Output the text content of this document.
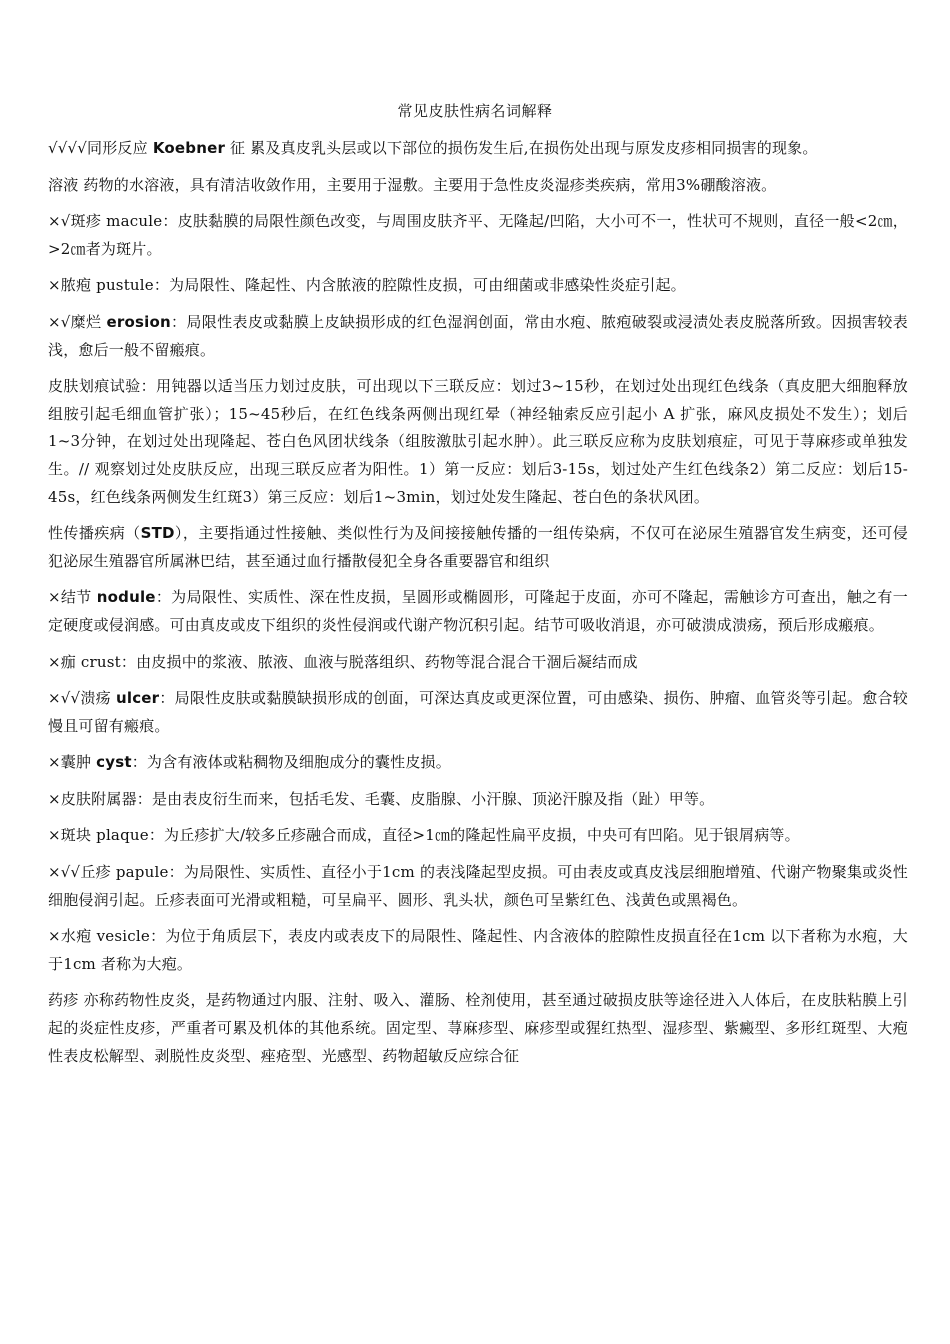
常见皮肤性病名词解释

√√√√同形反应 Koebner 征 累及真皮乳头层或以下部位的损伤发生后,在损伤处出现与原发皮疹相同损害的现象。

溶液 药物的水溶液，具有清洁收敛作用，主要用于湿敷。主要用于急性皮炎湿疹类疾病，常用3%硼酸溶液。

×√斑疹 macule：皮肤黏膜的局限性颜色改变，与周围皮肤齐平、无隆起/凹陷，大小可不一，性状可不规则，直径一般<2㎝，>2㎝者为斑片。

×脓疱 pustule：为局限性、隆起性、内含脓液的腔隙性皮损，可由细菌或非感染性炎症引起。

×√糜烂 erosion：局限性表皮或黏膜上皮缺损形成的红色湿润创面，常由水疱、脓疱破裂或浸渍处表皮脱落所致。因损害较表浅，愈后一般不留瘢痕。

皮肤划痕试验：用钝器以适当压力划过皮肤，可出现以下三联反应：划过3~15秒，在划过处出现红色线条（真皮肥大细胞释放组胺引起毛细血管扩张）；15~45秒后，在红色线条两侧出现红晕（神经轴索反应引起小 A 扩张，麻风皮损处不发生）；划后1~3分钟，在划过处出现隆起、苍白色风团状线条（组胺激肽引起水肿）。此三联反应称为皮肤划痕症，可见于荨麻疹或单独发生。// 观察划过处皮肤反应，出现三联反应者为阳性。1）第一反应：划后3-15s，划过处产生红色线条2）第二反应：划后15-45s，红色线条两侧发生红斑3）第三反应：划后1~3min，划过处发生隆起、苍白色的条状风团。

性传播疾病（STD），主要指通过性接触、类似性行为及间接接触传播的一组传染病，不仅可在泌尿生殖器官发生病变，还可侵犯泌尿生殖器官所属淋巴结，甚至通过血行播散侵犯全身各重要器官和组织

×结节 nodule：为局限性、实质性、深在性皮损，呈圆形或椭圆形，可隆起于皮面，亦可不隆起，需触诊方可查出，触之有一定硬度或侵润感。可由真皮或皮下组织的炎性侵润或代谢产物沉积引起。结节可吸收消退，亦可破溃成溃疡，预后形成瘢痕。

×痂 crust：由皮损中的浆液、脓液、血液与脱落组织、药物等混合混合干涸后凝结而成

×√√溃疡 ulcer：局限性皮肤或黏膜缺损形成的创面，可深达真皮或更深位置，可由感染、损伤、肿瘤、血管炎等引起。愈合较慢且可留有瘢痕。

×囊肿 cyst：为含有液体或粘稠物及细胞成分的囊性皮损。

×皮肤附属器：是由表皮衍生而来，包括毛发、毛囊、皮脂腺、小汗腺、顶泌汗腺及指（趾）甲等。

×斑块 plaque：为丘疹扩大/较多丘疹融合而成，直径>1㎝的隆起性扁平皮损，中央可有凹陷。见于银屑病等。

×√√丘疹 papule：为局限性、实质性、直径小于1cm 的表浅隆起型皮损。可由表皮或真皮浅层细胞增殖、代谢产物聚集或炎性细胞侵润引起。丘疹表面可光滑或粗糙，可呈扁平、圆形、乳头状，颜色可呈紫红色、浅黄色或黑褐色。

×水疱 vesicle：为位于角质层下，表皮内或表皮下的局限性、隆起性、内含液体的腔隙性皮损直径在1cm 以下者称为水疱，大于1cm 者称为大疱。

药疹 亦称药物性皮炎，是药物通过内服、注射、吸入、灌肠、栓剂使用，甚至通过破损皮肤等途径进入人体后，在皮肤粘膜上引起的炎症性皮疹，严重者可累及机体的其他系统。固定型、荨麻疹型、麻疹型或猩红热型、湿疹型、紫癜型、多形红斑型、大疱性表皮松解型、剥脱性皮炎型、痤疮型、光感型、药物超敏反应综合征
